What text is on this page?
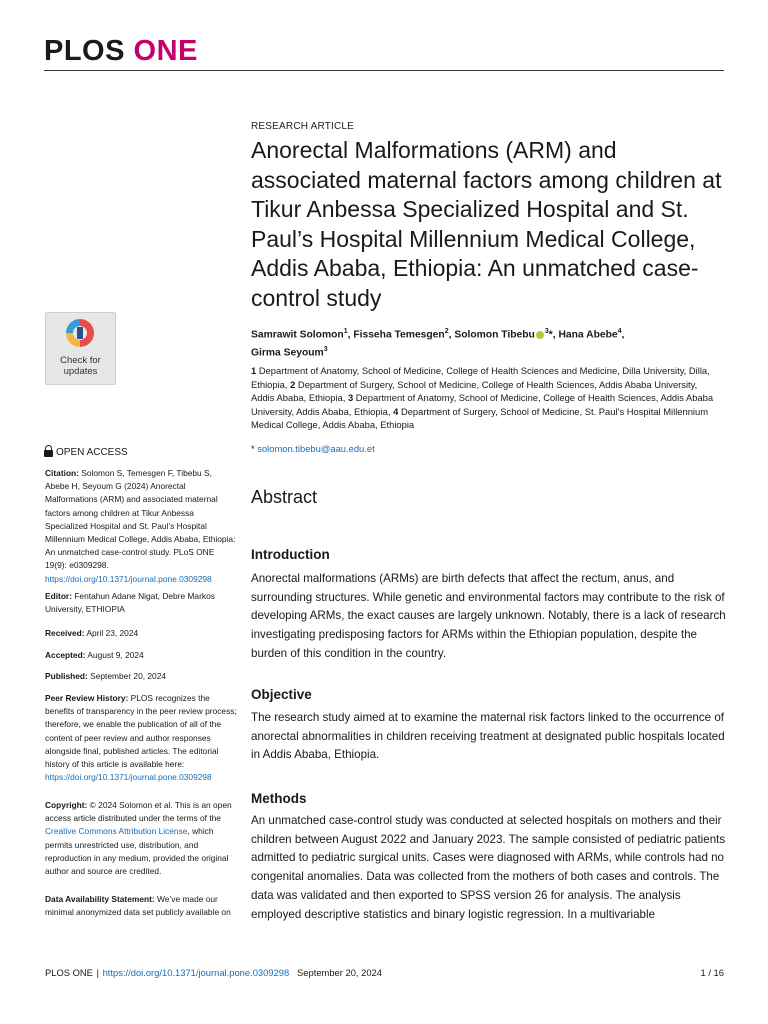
PLOS ONE
RESEARCH ARTICLE
Anorectal Malformations (ARM) and associated maternal factors among children at Tikur Anbessa Specialized Hospital and St. Paul’s Hospital Millennium Medical College, Addis Ababa, Ethiopia: An unmatched case-control study
Samrawit Solomon$^1$, Fisseha Temesgen$^2$, Solomon Tibebu $^3$*, Hana Abebe$^4$,
Girma Seyoum$^3$
1 Department of Anatomy, School of Medicine, College of Health Sciences and Medicine, Dilla University, Dilla, Ethiopia, 2 Department of Surgery, School of Medicine, College of Health Sciences, Addis Ababa University, Addis Ababa, Ethiopia, 3 Department of Anatomy, School of Medicine, College of Health Sciences, Addis Ababa University, Addis Ababa, Ethiopia, 4 Department of Surgery, School of Medicine, St. Paul’s Hospital Millennium Medical College, Addis Ababa, Ethiopia
* solomon.tibebu@aau.edu.et
Abstract
Introduction

Anorectal malformations (ARMs) are birth defects that affect the rectum, anus, and surrounding structures. While genetic and environmental factors may contribute to the risk of developing ARMs, the exact causes are largely unknown. Notably, there is a lack of research investigating predisposing factors for ARMs within the Ethiopian population, despite the burden of this condition in the country.

Objective

The research study aimed at to examine the maternal risk factors linked to the occurrence of anorectal abnormalities in children receiving treatment at designated public hospitals located in Addis Ababa, Ethiopia.

Methods

An unmatched case-control study was conducted at selected hospitals on mothers and their children between August 2022 and January 2023. The sample consisted of pediatric patients admitted to pediatric surgical units. Cases were diagnosed with ARMs, while controls had no congenital anomalies. Data was collected from the mothers of both cases and controls. The data was validated and then exported to SPSS version 26 for analysis. The analysis employed descriptive statistics and binary logistic regression. In a multivariable

Check for updates
OPEN ACCESS
Citation: Solomon S, Temesgen F, Tibebu S, Abebe H, Seyoum G (2024) Anorectal Malformations (ARM) and associated maternal factors among children at Tikur Anbessa Specialized Hospital and St. Paul’s Hospital Millennium Medical College, Addis Ababa, Ethiopia: An unmatched case-control study. PLoS ONE 19(9): e0309298. https://doi.org/10.1371/journal.pone.0309298
Editor: Fentahun Adane Nigat, Debre Markos University, ETHIOPIA
Received: April 23, 2024
Accepted: August 9, 2024
Published: September 20, 2024
Peer Review History: PLOS recognizes the benefits of transparency in the peer review process; therefore, we enable the publication of all of the content of peer review and author responses alongside final, published articles. The editorial history of this article is available here: https://doi.org/10.1371/journal.pone.0309298
Copyright: © 2024 Solomon et al. This is an open access article distributed under the terms of the Creative Commons Attribution License, which permits unrestricted use, distribution, and reproduction in any medium, provided the original author and source are credited.
Data Availability Statement: We’ve made our minimal anonymized data set publicly available on
PLOS ONE | https://doi.org/10.1371/journal.pone.0309298 September 20, 2024	1 / 16
